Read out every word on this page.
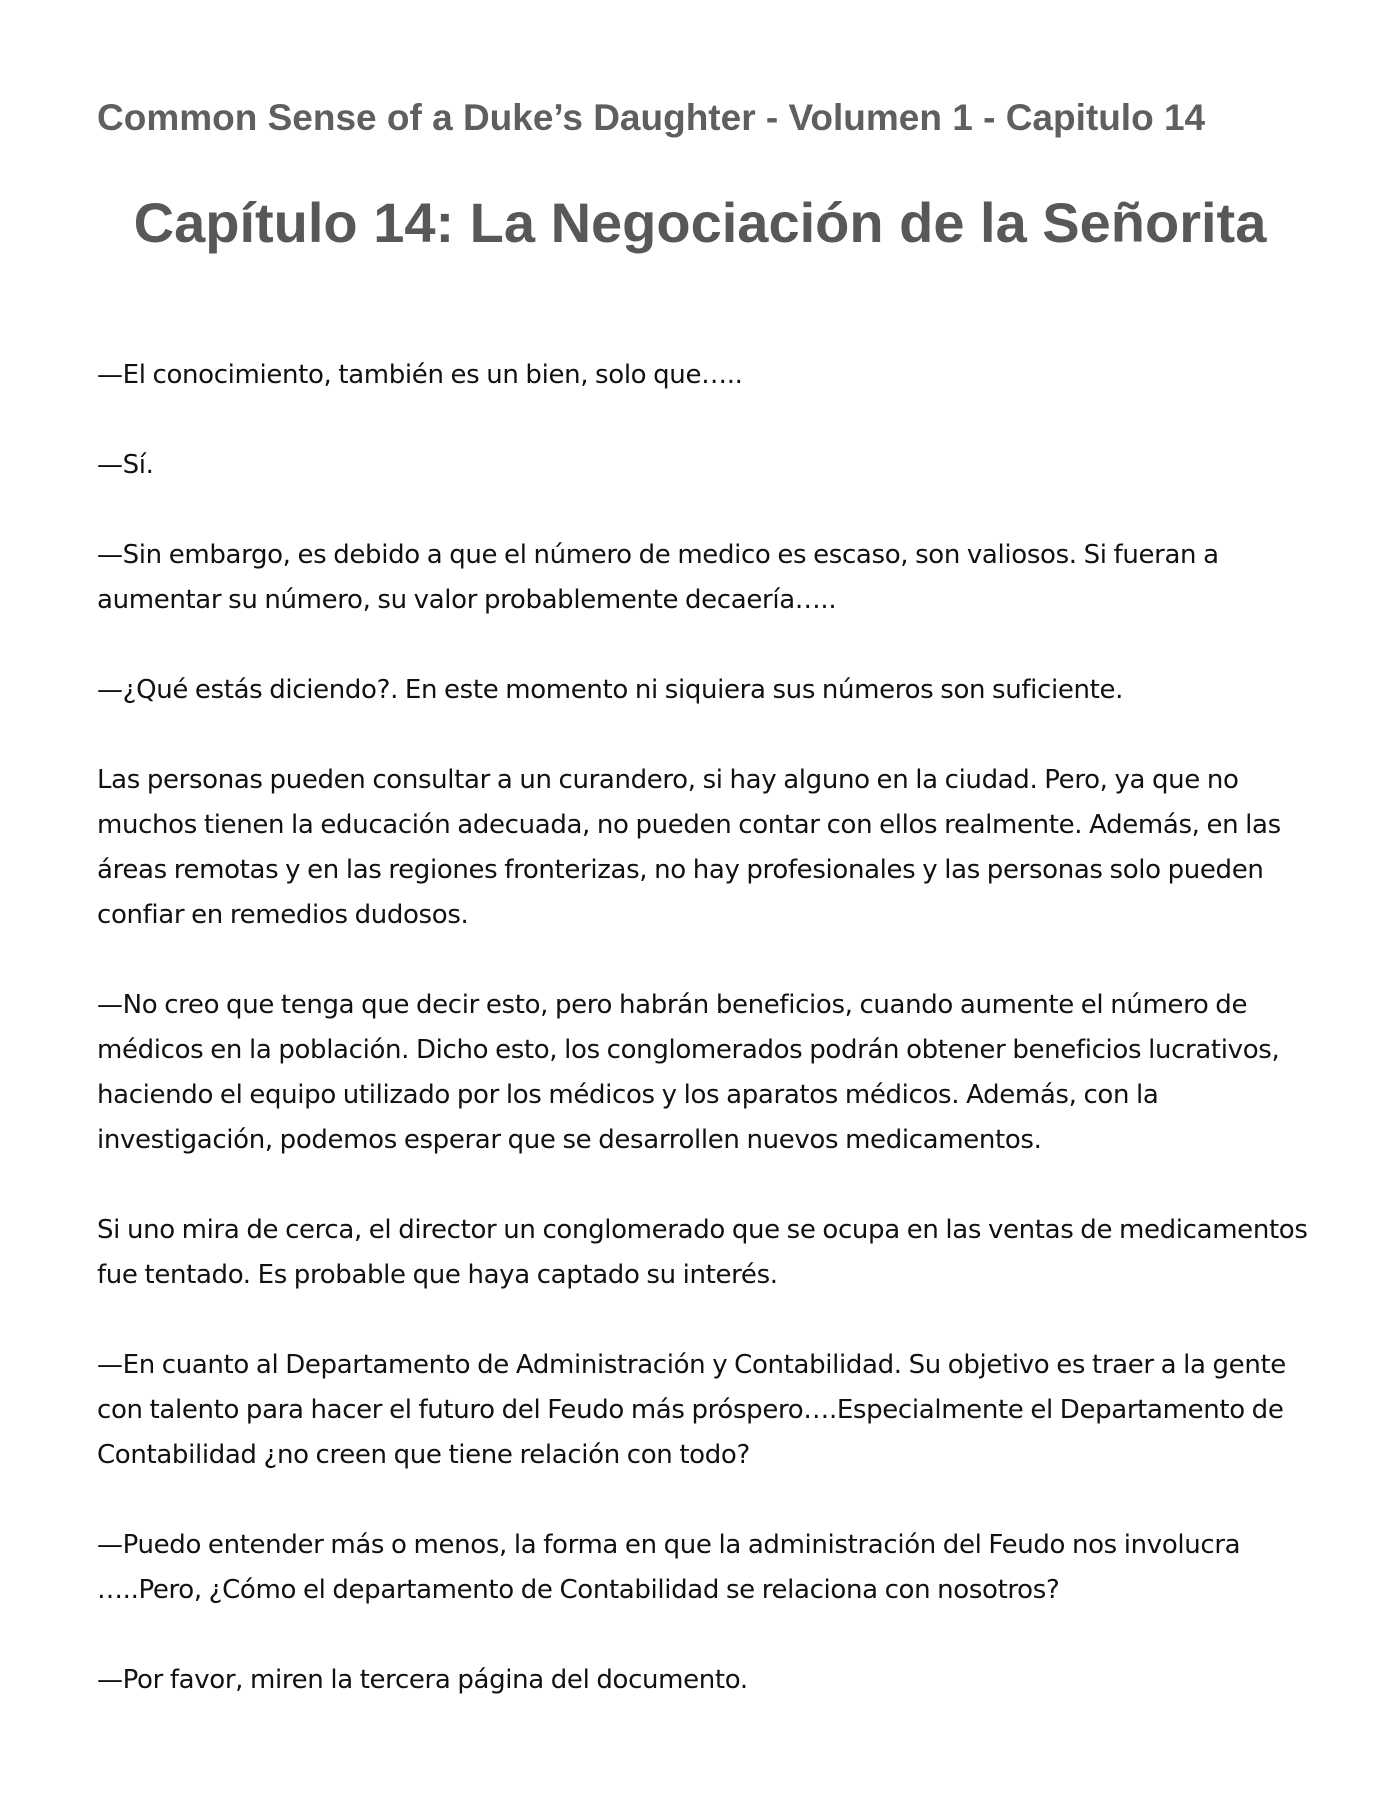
Common Sense of a Duke’s Daughter - Volumen 1 - Capitulo 14
Capítulo 14: La Negociación de la Señorita

—El conocimiento, también es un bien, solo que…..

—Sí.

—Sin embargo, es debido a que el número de medico es escaso, son valiosos. Si fueran a aumentar su número, su valor probablemente decaería…..

—¿Qué estás diciendo?. En este momento ni siquiera sus números son suficiente.

Las personas pueden consultar a un curandero, si hay alguno en la ciudad. Pero, ya que no muchos tienen la educación adecuada, no pueden contar con ellos realmente. Además, en las áreas remotas y en las regiones fronterizas, no hay profesionales y las personas solo pueden confiar en remedios dudosos.

—No creo que tenga que decir esto, pero habrán beneficios, cuando aumente el número de médicos en la población. Dicho esto, los conglomerados podrán obtener beneficios lucrativos, haciendo el equipo utilizado por los médicos y los aparatos médicos. Además, con la investigación, podemos esperar que se desarrollen nuevos medicamentos.

Si uno mira de cerca, el director un conglomerado que se ocupa en las ventas de medicamentos fue tentado. Es probable que haya captado su interés.

—En cuanto al Departamento de Administración y Contabilidad. Su objetivo es traer a la gente con talento para hacer el futuro del Feudo más próspero….Especialmente el Departamento de Contabilidad ¿no creen que tiene relación con todo?

—Puedo entender más o menos, la forma en que la administración del Feudo nos involucra …..Pero, ¿Cómo el departamento de Contabilidad se relaciona con nosotros?

—Por favor, miren la tercera página del documento.
